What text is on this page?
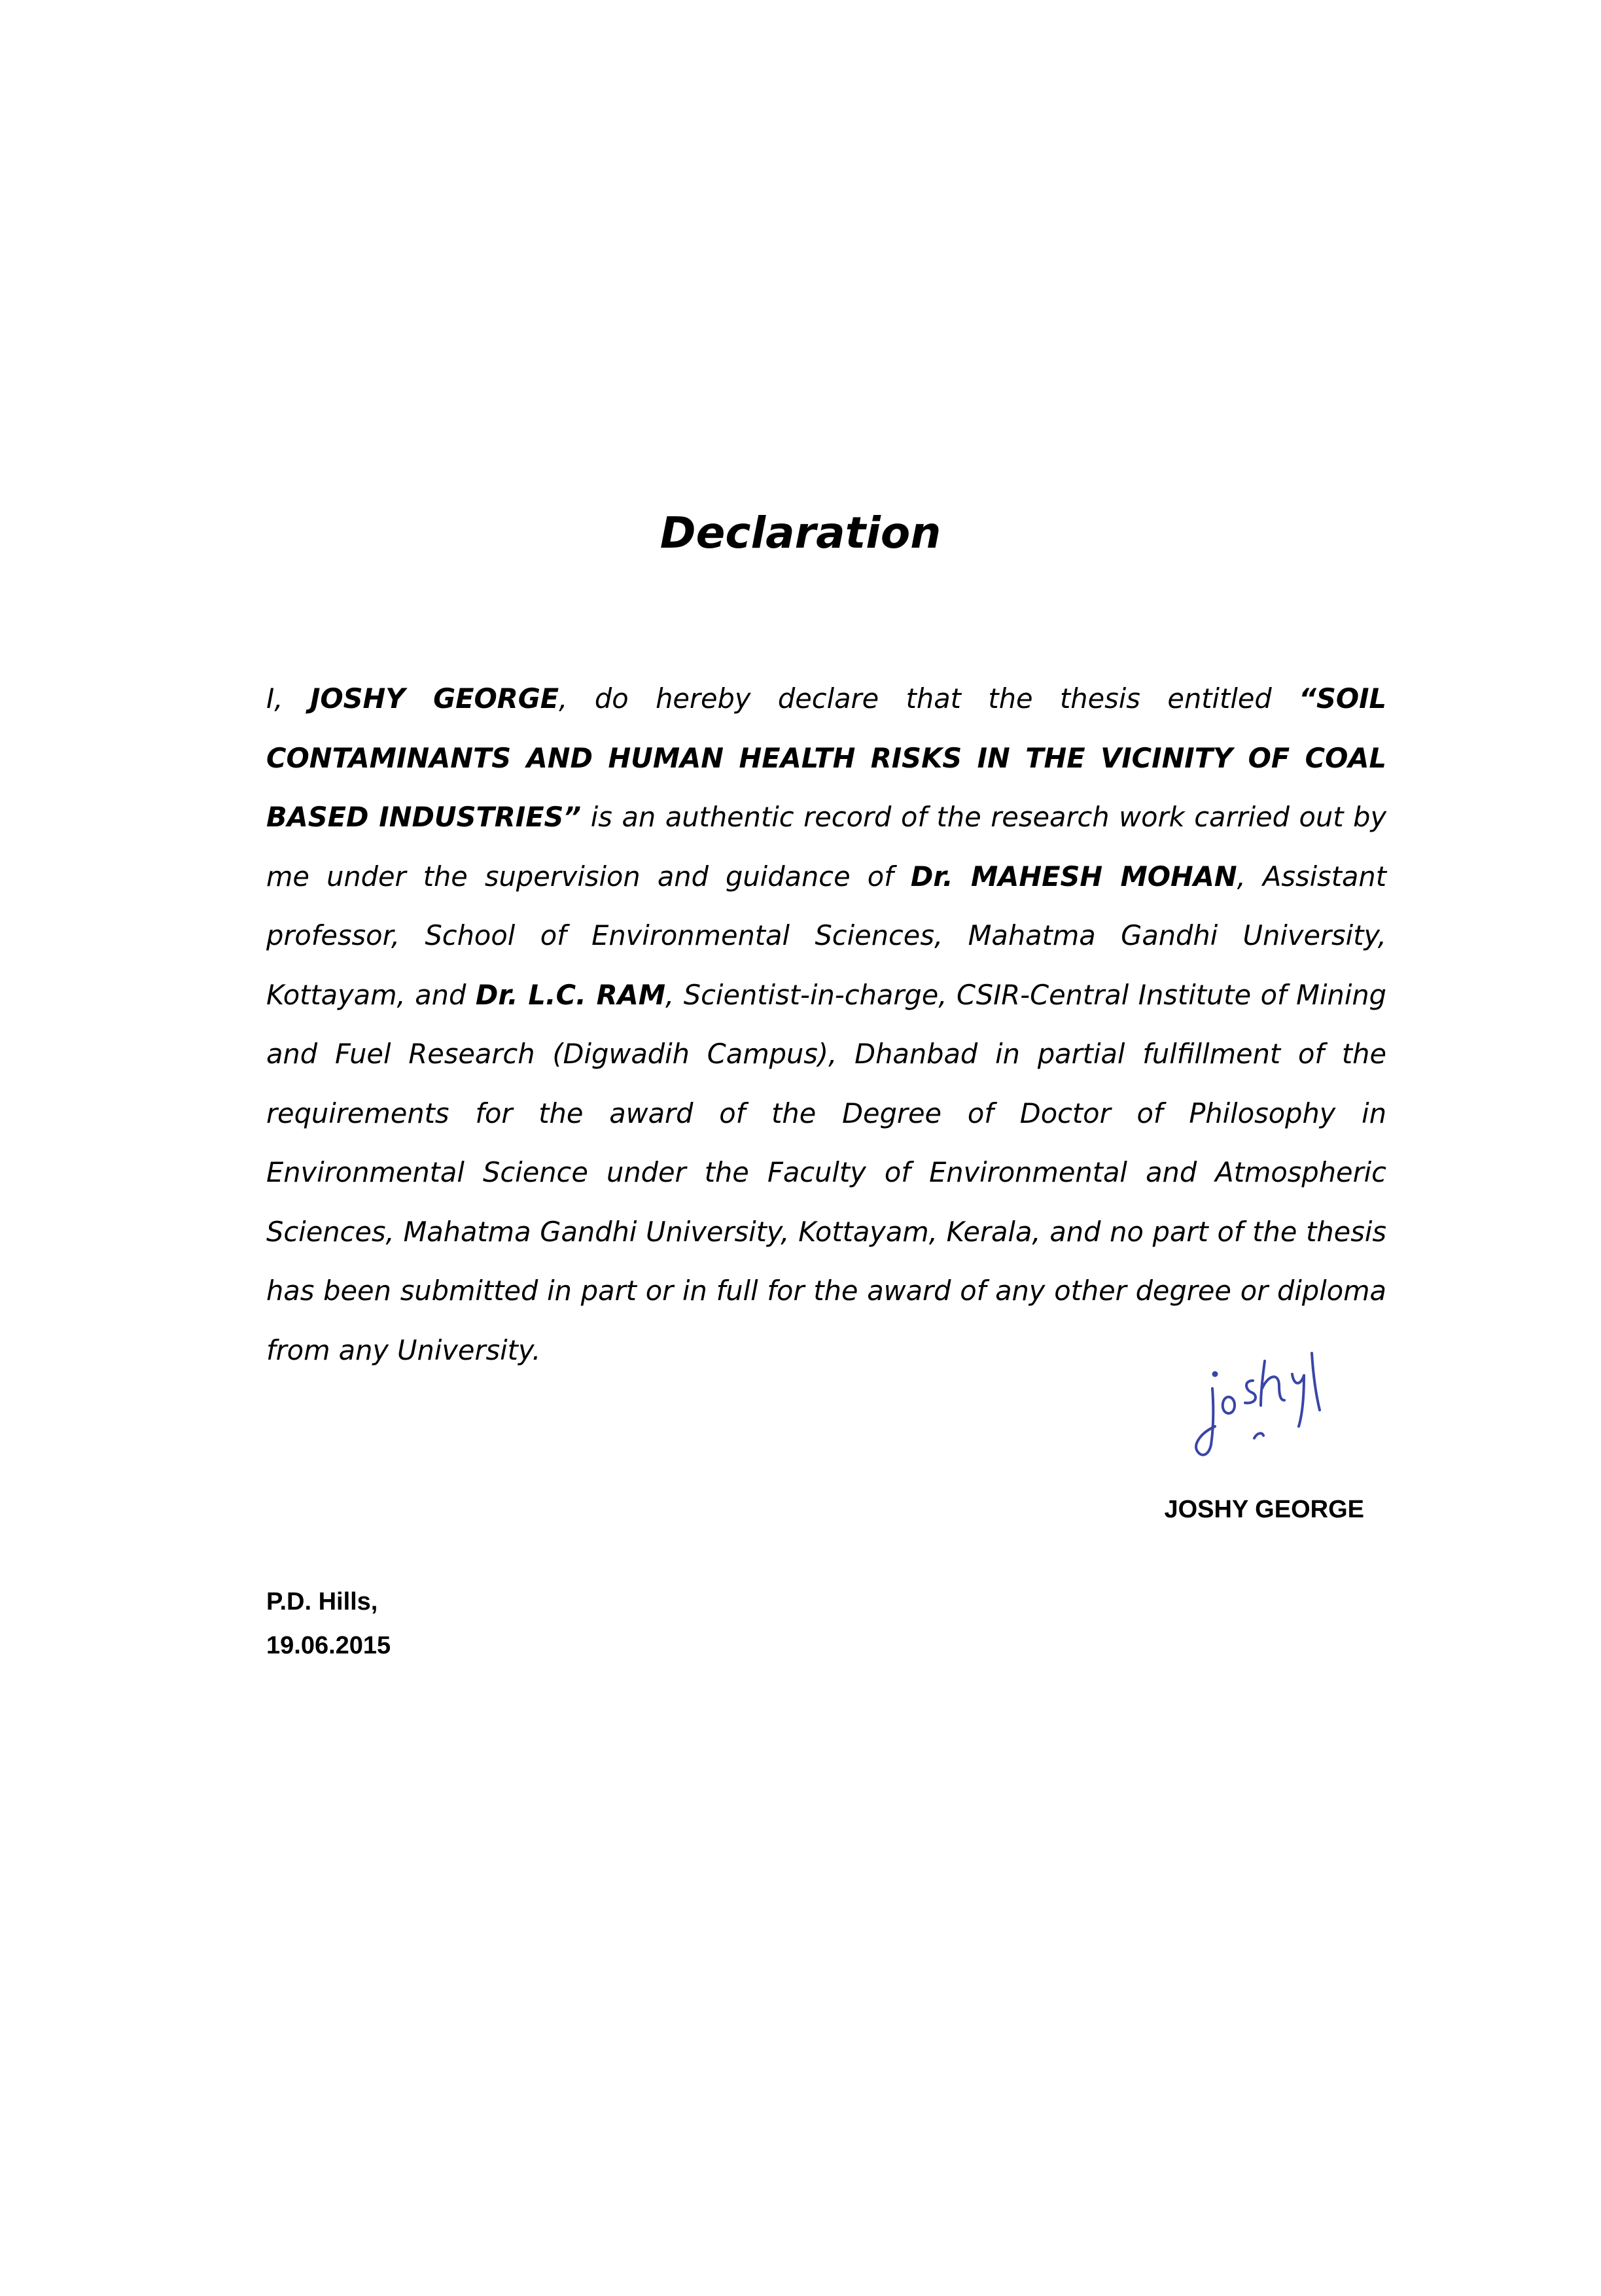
Declaration

I, JOSHY GEORGE, do hereby declare that the thesis entitled “SOIL CONTAMINANTS AND HUMAN HEALTH RISKS IN THE VICINITY OF COAL BASED INDUSTRIES” is an authentic record of the research work carried out by me under the supervision and guidance of Dr. MAHESH MOHAN, Assistant professor, School of Environmental Sciences, Mahatma Gandhi University, Kottayam, and Dr. L.C. RAM, Scientist-in-charge, CSIR-Central Institute of Mining and Fuel Research (Digwadih Campus), Dhanbad in partial fulfillment of the requirements for the award of the Degree of Doctor of Philosophy in Environmental Science under the Faculty of Environmental and Atmospheric Sciences, Mahatma Gandhi University, Kottayam, Kerala, and no part of the thesis has been submitted in part or in full for the award of any other degree or diploma from any University.

JOSHY GEORGE
P.D. Hills,
19.06.2015
